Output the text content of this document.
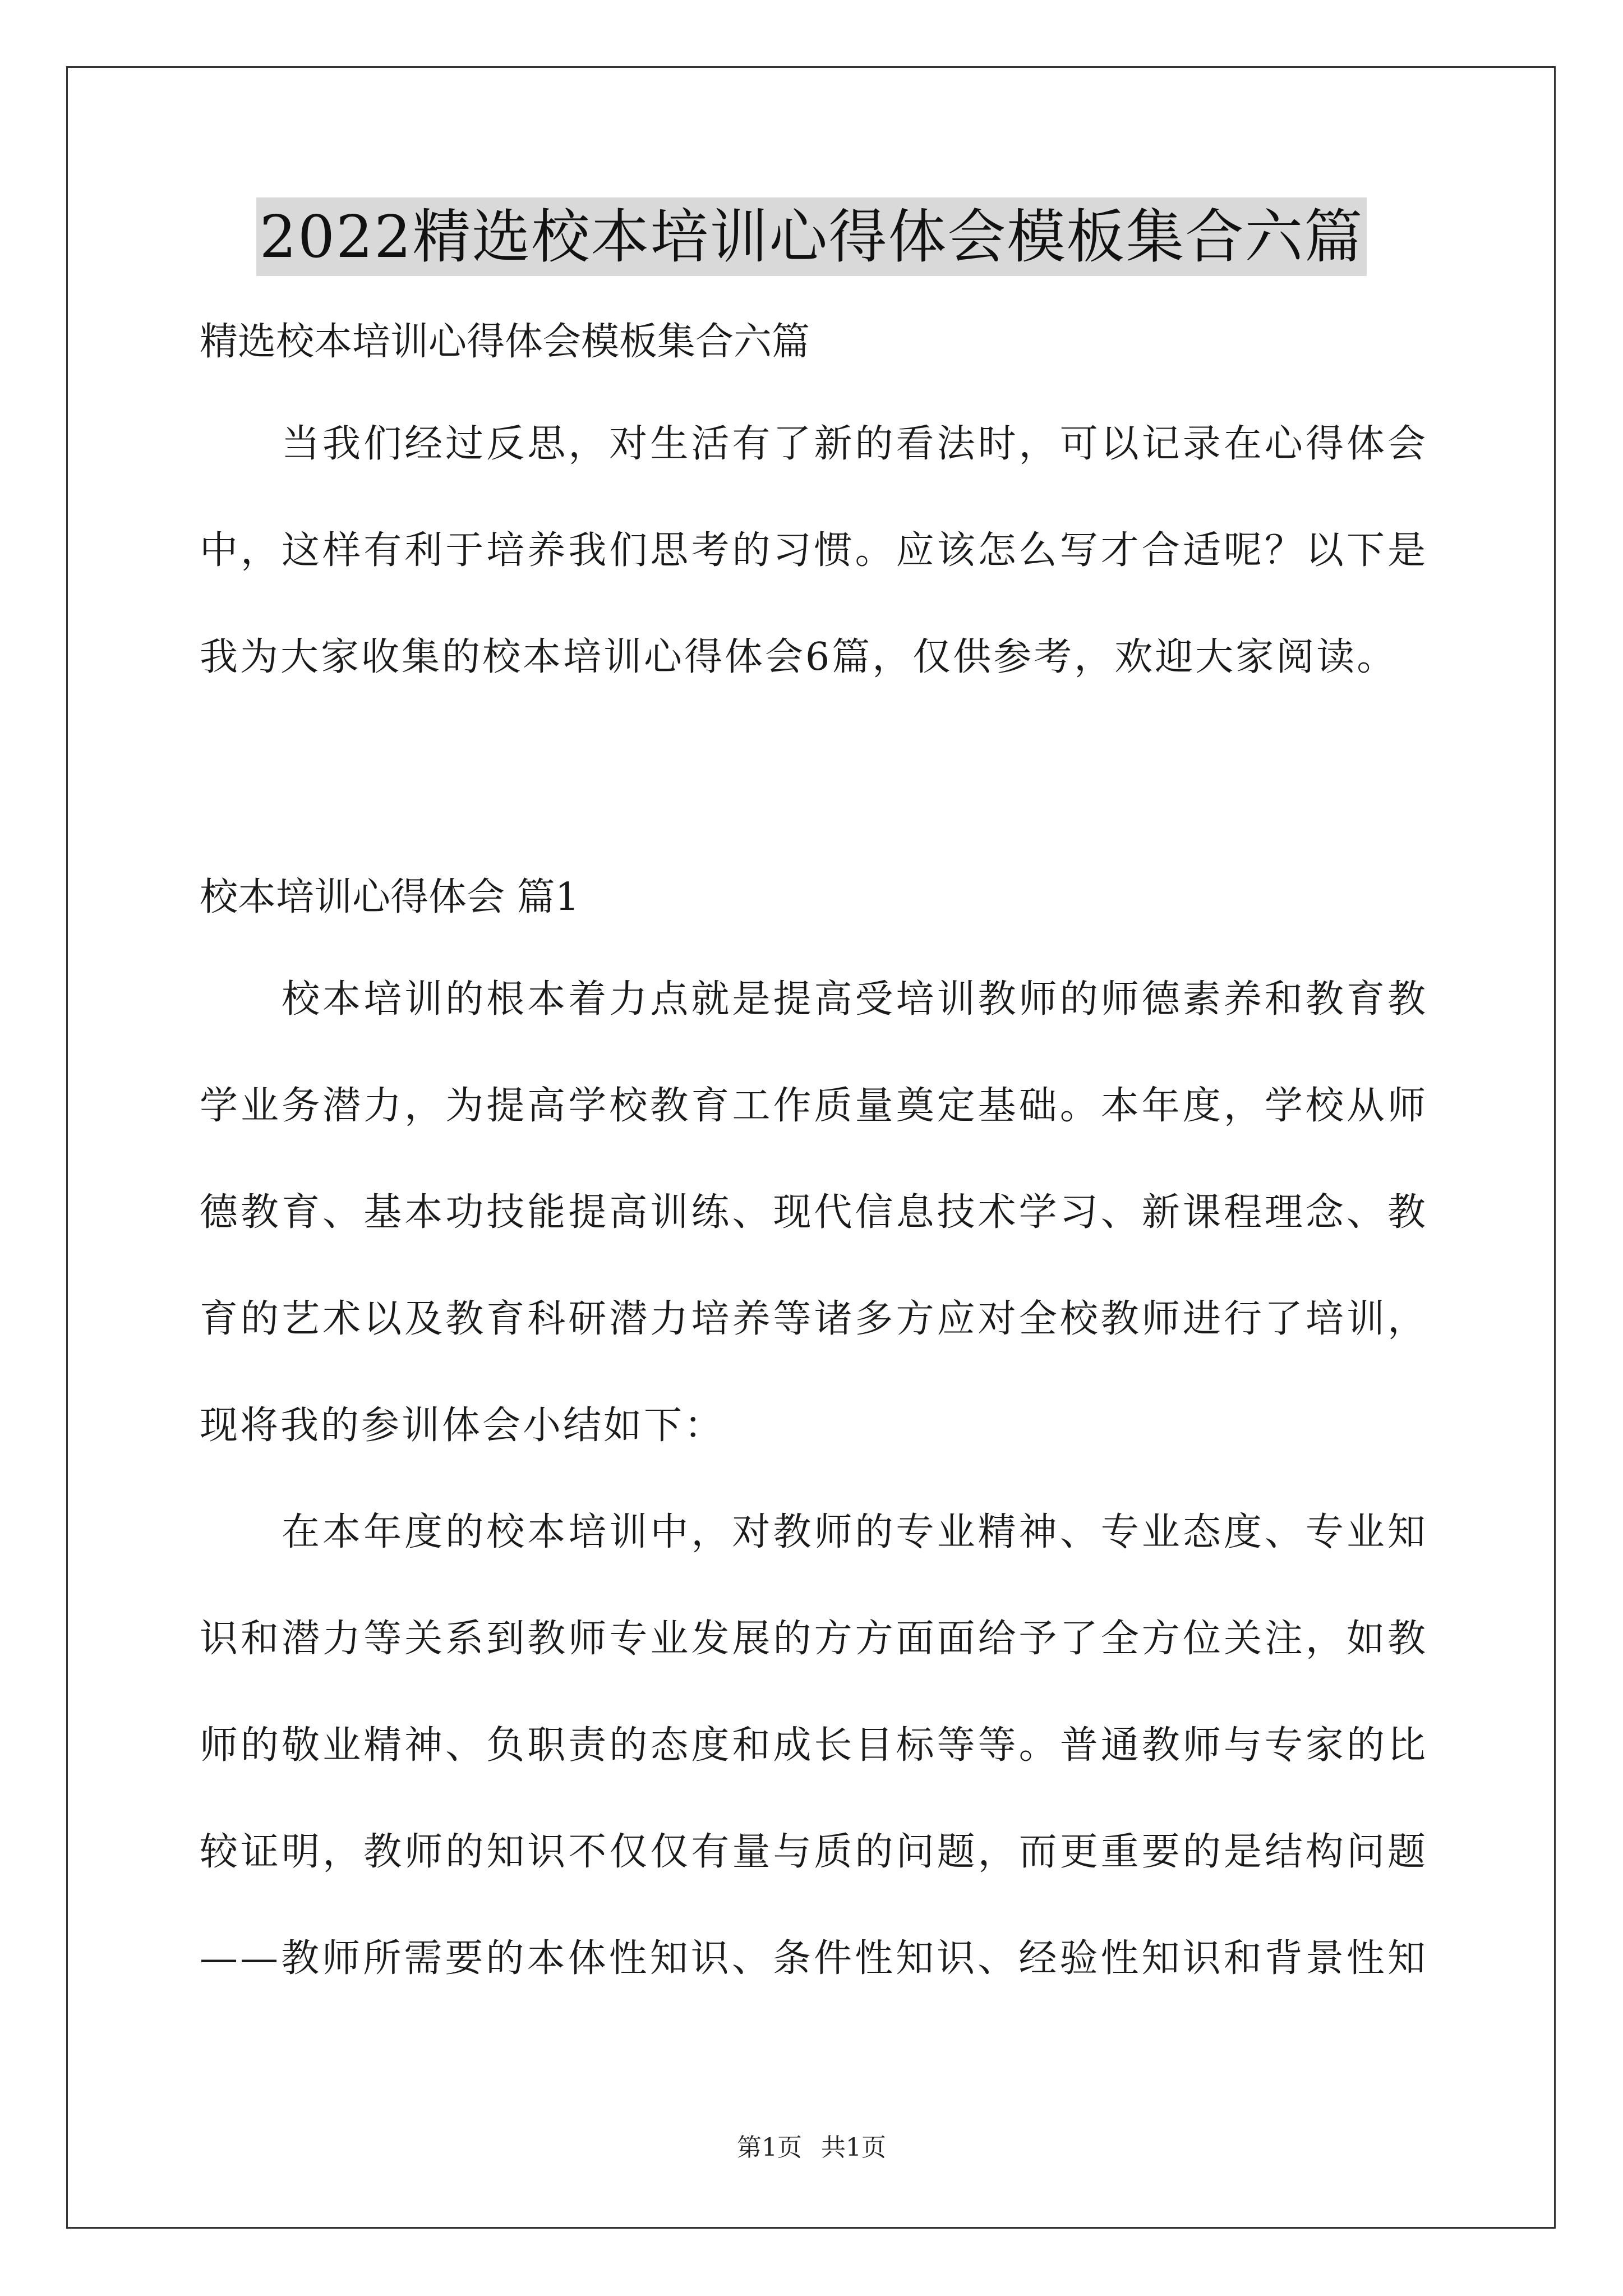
2022精选校本培训心得体会模板集合六篇
精选校本培训心得体会模板集合六篇
当我们经过反思，对生活有了新的看法时，可以记录在心得体会
中，这样有利于培养我们思考的习惯。应该怎么写才合适呢？以下是
我为大家收集的校本培训心得体会6篇，仅供参考，欢迎大家阅读。
校本培训心得体会 篇1
校本培训的根本着力点就是提高受培训教师的师德素养和教育教
学业务潜力，为提高学校教育工作质量奠定基础。本年度，学校从师
德教育、基本功技能提高训练、现代信息技术学习、新课程理念、教
育的艺术以及教育科研潜力培养等诸多方应对全校教师进行了培训，
现将我的参训体会小结如下：
在本年度的校本培训中，对教师的专业精神、专业态度、专业知
识和潜力等关系到教师专业发展的方方面面给予了全方位关注，如教
师的敬业精神、负职责的态度和成长目标等等。普通教师与专家的比
较证明，教师的知识不仅仅有量与质的问题，而更重要的是结构问题
——教师所需要的本体性知识、条件性知识、经验性知识和背景性知
第1页 共1页
